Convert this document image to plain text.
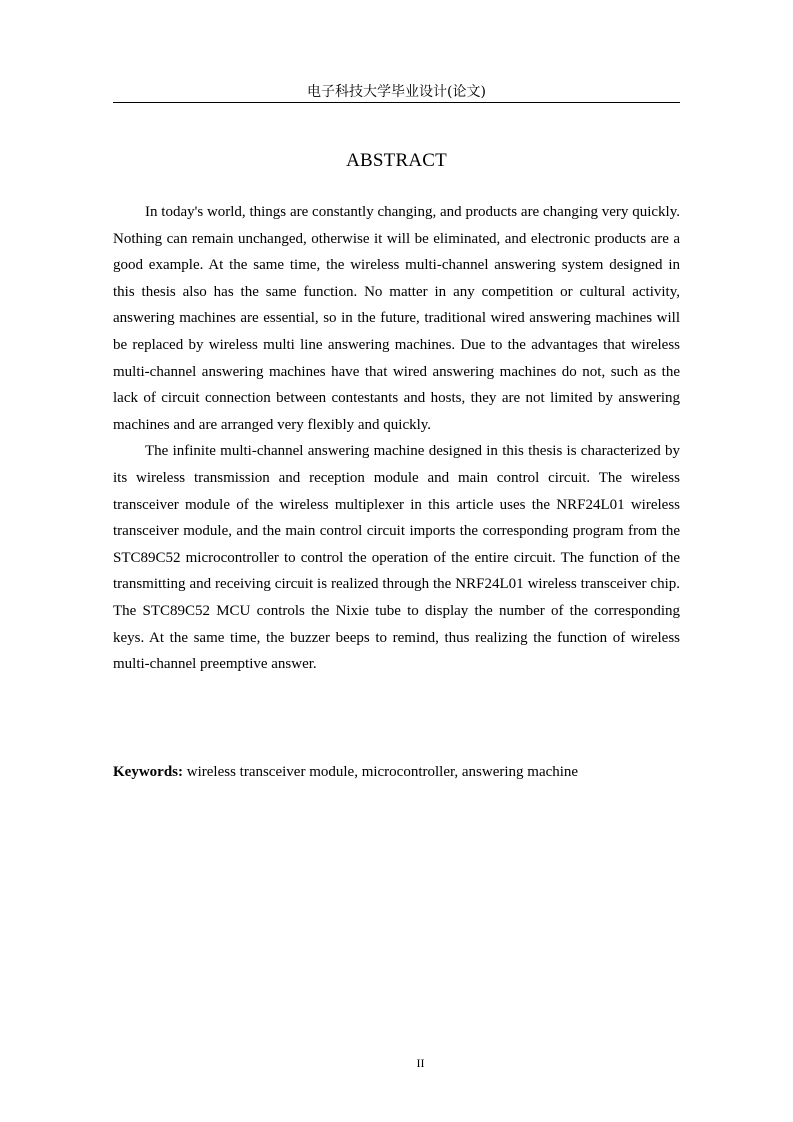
电子科技大学毕业设计(论文)
ABSTRACT

In today's world, things are constantly changing, and products are changing very quickly. Nothing can remain unchanged, otherwise it will be eliminated, and electronic products are a good example. At the same time, the wireless multi-channel answering system designed in this thesis also has the same function. No matter in any competition or cultural activity, answering machines are essential, so in the future, traditional wired answering machines will be replaced by wireless multi line answering machines. Due to the advantages that wireless multi-channel answering machines have that wired answering machines do not, such as the lack of circuit connection between contestants and hosts, they are not limited by answering machines and are arranged very flexibly and quickly.

The infinite multi-channel answering machine designed in this thesis is characterized by its wireless transmission and reception module and main control circuit. The wireless transceiver module of the wireless multiplexer in this article uses the NRF24L01 wireless transceiver module, and the main control circuit imports the corresponding program from the STC89C52 microcontroller to control the operation of the entire circuit. The function of the transmitting and receiving circuit is realized through the NRF24L01 wireless transceiver chip. The STC89C52 MCU controls the Nixie tube to display the number of the corresponding keys. At the same time, the buzzer beeps to remind, thus realizing the function of wireless multi-channel preemptive answer.

Keywords: wireless transceiver module, microcontroller, answering machine

II
